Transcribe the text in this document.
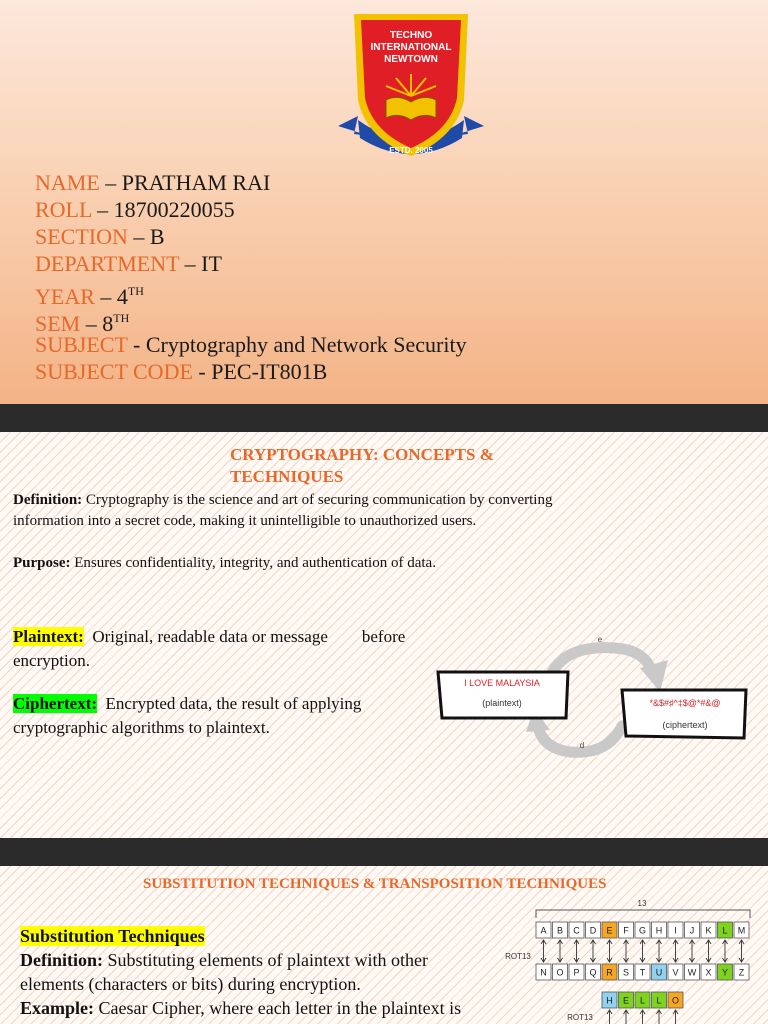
TECHNO
INTERNATIONAL
NEWTOWN
ESTD. 2005
NAME – PRATHAM RAI
ROLL – 18700220055
SECTION – B
DEPARTMENT – IT
YEAR – 4TH
SEM – 8TH
SUBJECT - Cryptography and Network Security
SUBJECT CODE - PEC-IT801B
CRYPTOGRAPHY: CONCEPTS &
TECHNIQUES
Definition: Cryptography is the science and art of securing communication by converting
information into a secret code, making it unintelligible to unauthorized users.
Purpose: Ensures confidentiality, integrity, and authentication of data.
Plaintext:  Original, readable data or message        before
encryption.
Ciphertext:  Encrypted data, the result of applying
cryptographic algorithms to plaintext.
I LOVE MALAYSIA
(plaintext)	*&$#♯^‡$@*#&@
(ciphertext)
e
d
SUBSTITUTION TECHNIQUES & TRANSPOSITION TECHNIQUES
Substitution Techniques
Definition: Substituting elements of plaintext with other
elements (characters or bits) during encryption.
Example: Caesar Cipher, where each letter in the plaintext is
13
ROT13
A B C D E F G H I J K L M
N O P Q R S T U V W X Y Z
H E L L O
ROT13
